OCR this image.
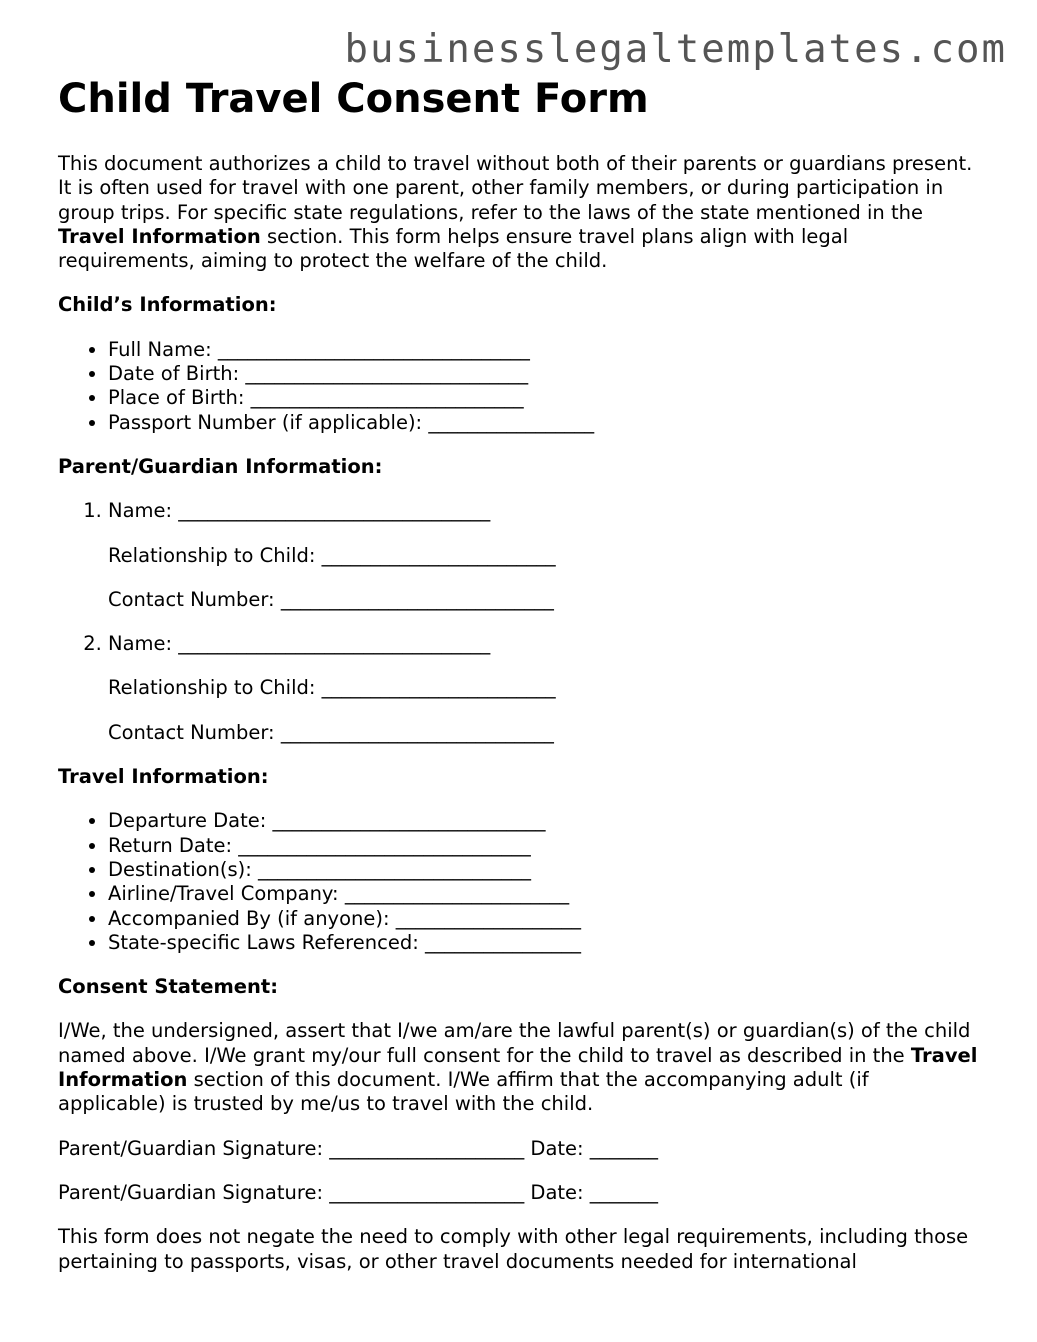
businesslegaltemplates.com
Child Travel Consent Form

This document authorizes a child to travel without both of their parents or guardians present. It is often used for travel with one parent, other family members, or during participation in group trips. For specific state regulations, refer to the laws of the state mentioned in the Travel Information section. This form helps ensure travel plans align with legal requirements, aiming to protect the welfare of the child.

Child’s Information:

• Full Name: ________________________________
• Date of Birth: _____________________________
• Place of Birth: ____________________________
• Passport Number (if applicable): _________________

Parent/Guardian Information:

1. Name: ________________________________
Relationship to Child: ________________________
Contact Number: ____________________________
2. Name: ________________________________
Relationship to Child: ________________________
Contact Number: ____________________________

Travel Information:

• Departure Date: ____________________________
• Return Date: ______________________________
• Destination(s): ____________________________
• Airline/Travel Company: _______________________
• Accompanied By (if anyone): ___________________
• State-specific Laws Referenced: ________________

Consent Statement:

I/We, the undersigned, assert that I/we am/are the lawful parent(s) or guardian(s) of the child named above. I/We grant my/our full consent for the child to travel as described in the Travel Information section of this document. I/We affirm that the accompanying adult (if applicable) is trusted by me/us to travel with the child.

Parent/Guardian Signature: ____________________ Date: _______

Parent/Guardian Signature: ____________________ Date: _______

This form does not negate the need to comply with other legal requirements, including those pertaining to passports, visas, or other travel documents needed for international
